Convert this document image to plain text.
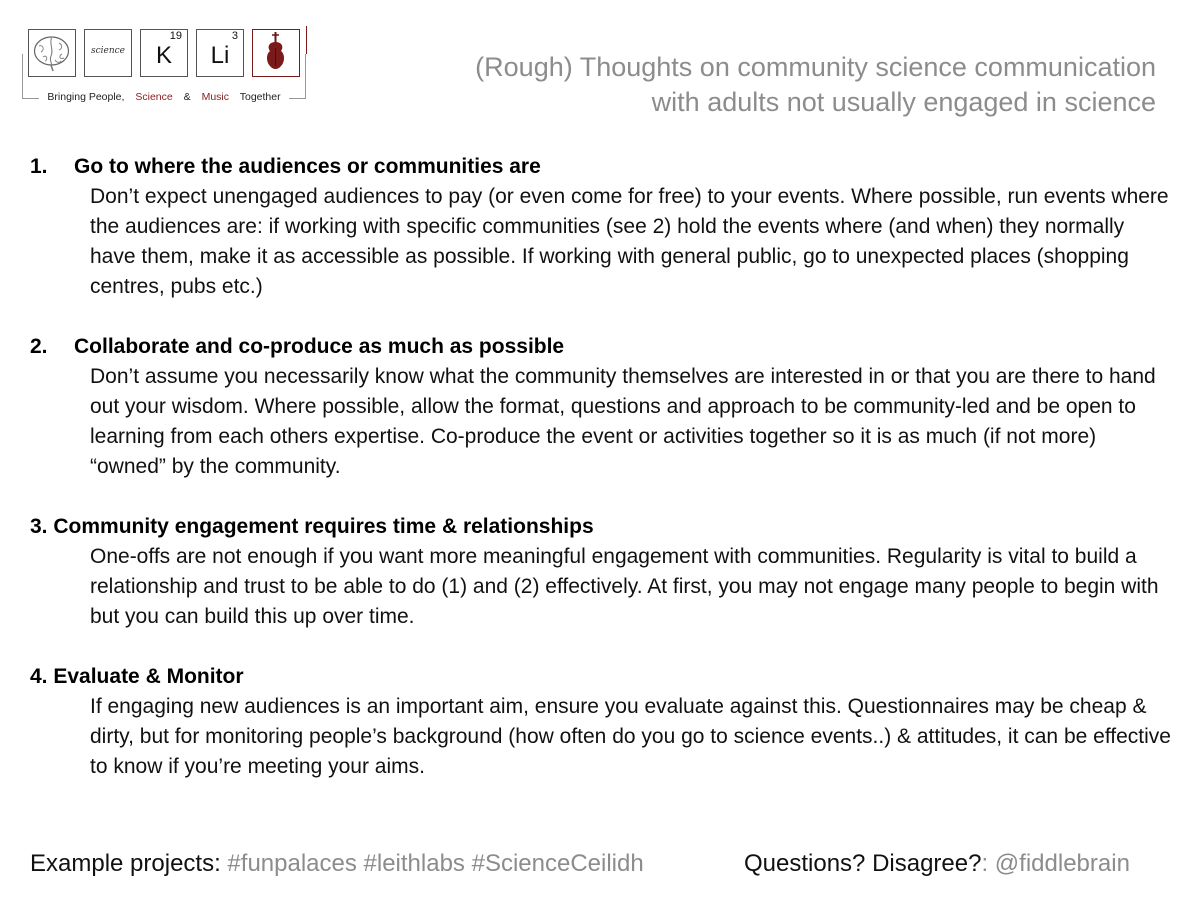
science
19
K
3
Li
Bringing People, Science & Music Together
(Rough) Thoughts on community science communication
with adults not usually engaged in science
1. Go to where the audiences or communities are
Don’t expect unengaged audiences to pay (or even come for free) to your events. Where possible, run events where the audiences are: if working with specific communities (see 2) hold the events where (and when) they normally have them, make it as accessible as possible. If working with general public, go to unexpected places (shopping centres, pubs etc.)
2. Collaborate and co-produce as much as possible
Don’t assume you necessarily know what the community themselves are interested in or that you are there to hand out your wisdom. Where possible, allow the format, questions and approach to be community-led and be open to learning from each others expertise. Co-produce the event or activities together so it is as much (if not more) “owned” by the community.
3. Community engagement requires time & relationships
One-offs are not enough if you want more meaningful engagement with communities. Regularity is vital to build a relationship and trust to be able to do (1) and (2) effectively. At first, you may not engage many people to begin with but you can build this up over time.
4. Evaluate & Monitor
If engaging new audiences is an important aim, ensure you evaluate against this. Questionnaires may be cheap & dirty, but for monitoring people’s background (how often do you go to science events..) & attitudes, it can be effective to know if you’re meeting your aims.
Example projects: #funpalaces #leithlabs #ScienceCeilidh	Questions? Disagree?: @fiddlebrain
